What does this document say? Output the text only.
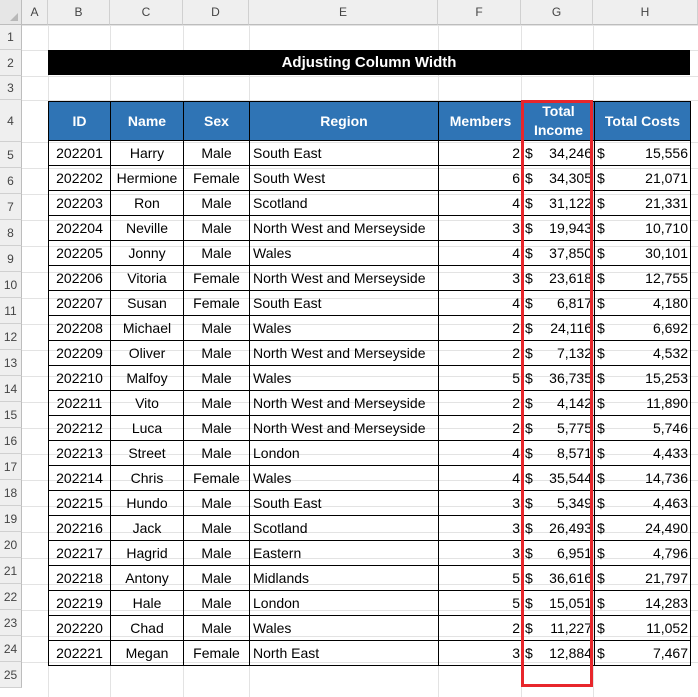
A	B	C	D	E	F	G	H
1
2
3
4
5
6
7
8
9
10
11
12
13
14
15
16
17
18
19
20
21
22
23
24
25
Adjusting Column Width
ID	Name	Sex	Region	Members	Total Income	Total Costs
202201	Harry	Male	South East	2	$ 34,246	$ 15,556

202202	Hermione	Female	South West	6	$ 34,305	$ 21,071

202203	Ron	Male	Scotland	4	$ 31,122	$ 21,331

202204	Neville	Male	North West and Merseyside	3	$ 19,943	$ 10,710

202205	Jonny	Male	Wales	4	$ 37,850	$ 30,101

202206	Vitoria	Female	North West and Merseyside	3	$ 23,618	$ 12,755

202207	Susan	Female	South East	4	$ 6,817	$ 4,180

202208	Michael	Male	Wales	2	$ 24,116	$ 6,692

202209	Oliver	Male	North West and Merseyside	2	$ 7,132	$ 4,532

202210	Malfoy	Male	Wales	5	$ 36,735	$ 15,253

202211	Vito	Male	North West and Merseyside	2	$ 4,142	$ 11,890

202212	Luca	Male	North West and Merseyside	2	$ 5,775	$ 5,746

202213	Street	Male	London	4	$ 8,571	$ 4,433

202214	Chris	Female	Wales	4	$ 35,544	$ 14,736

202215	Hundo	Male	South East	3	$ 5,349	$ 4,463

202216	Jack	Male	Scotland	3	$ 26,493	$ 24,490

202217	Hagrid	Male	Eastern	3	$ 6,951	$ 4,796

202218	Antony	Male	Midlands	5	$ 36,616	$ 21,797

202219	Hale	Male	London	5	$ 15,051	$ 14,283

202220	Chad	Male	Wales	2	$ 11,227	$ 11,052

202221	Megan	Female	North East	3	$ 12,884	$ 7,467
